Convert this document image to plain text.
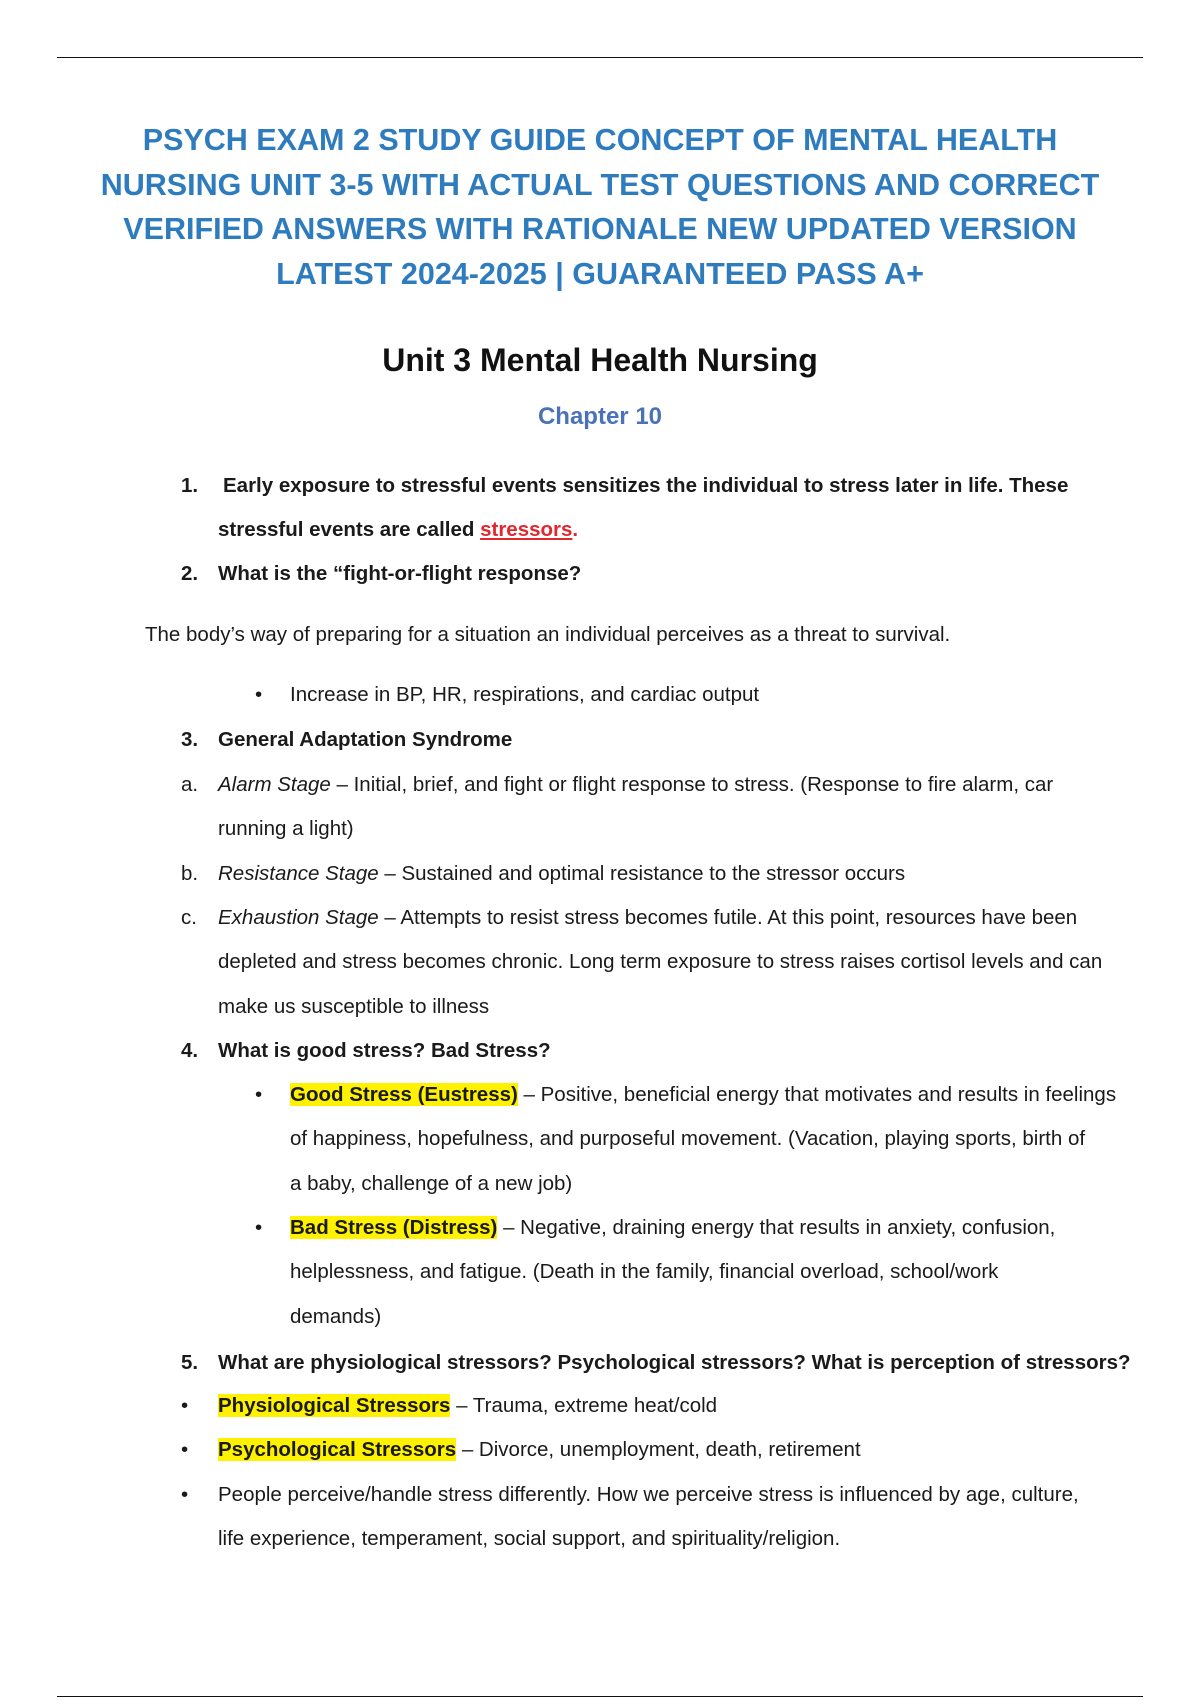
PSYCH EXAM 2 STUDY GUIDE CONCEPT OF MENTAL HEALTH
NURSING UNIT 3-5 WITH ACTUAL TEST QUESTIONS AND CORRECT
VERIFIED ANSWERS WITH RATIONALE NEW UPDATED VERSION
LATEST 2024-2025 | GUARANTEED PASS A+
Unit 3 Mental Health Nursing
Chapter 10
1. Early exposure to stressful events sensitizes the individual to stress later in life. These
stressful events are called stressors.
2. What is the “fight-or-flight response?
The body’s way of preparing for a situation an individual perceives as a threat to survival.
• Increase in BP, HR, respirations, and cardiac output
3. General Adaptation Syndrome
a. Alarm Stage – Initial, brief, and fight or flight response to stress. (Response to fire alarm, car
running a light)
b. Resistance Stage – Sustained and optimal resistance to the stressor occurs
c. Exhaustion Stage – Attempts to resist stress becomes futile. At this point, resources have been
depleted and stress becomes chronic. Long term exposure to stress raises cortisol levels and can
make us susceptible to illness
4. What is good stress? Bad Stress?
• Good Stress (Eustress) – Positive, beneficial energy that motivates and results in feelings
of happiness, hopefulness, and purposeful movement. (Vacation, playing sports, birth of
a baby, challenge of a new job)
• Bad Stress (Distress) – Negative, draining energy that results in anxiety, confusion,
helplessness, and fatigue. (Death in the family, financial overload, school/work
demands)
5. What are physiological stressors? Psychological stressors? What is perception of stressors?
• Physiological Stressors – Trauma, extreme heat/cold
• Psychological Stressors – Divorce, unemployment, death, retirement
• People perceive/handle stress differently. How we perceive stress is influenced by age, culture,
life experience, temperament, social support, and spirituality/religion.
